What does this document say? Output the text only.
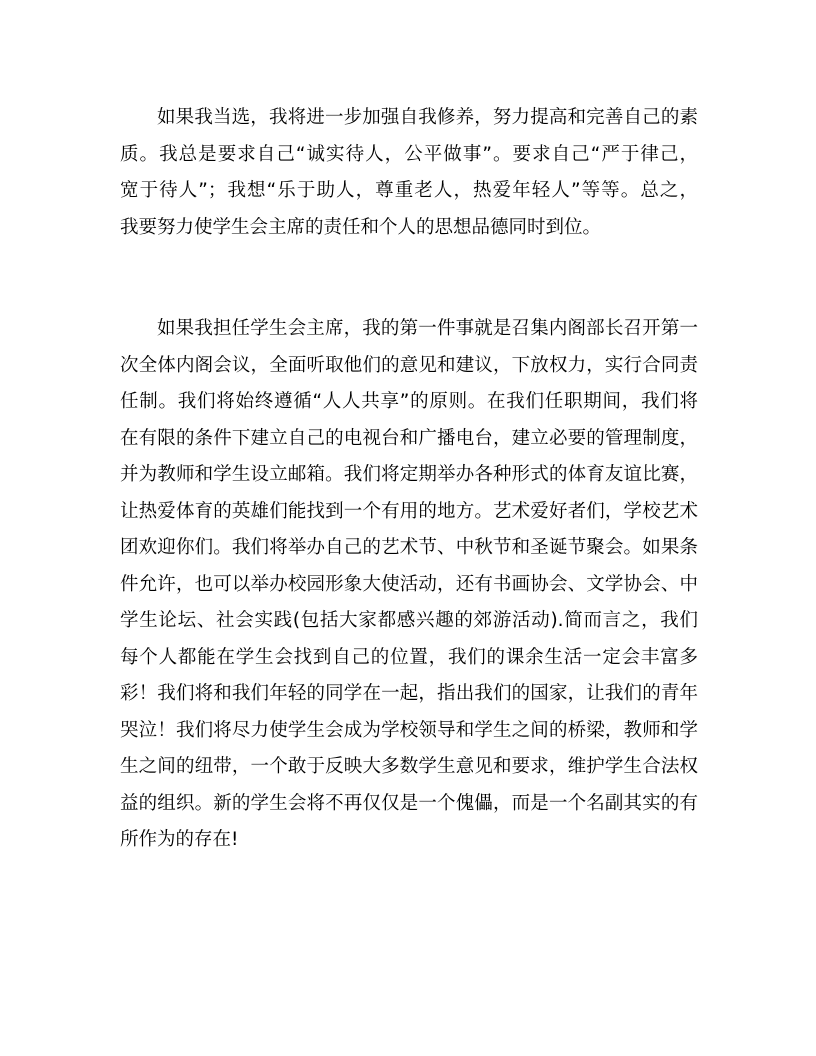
如果我当选，我将进一步加强自我修养，努力提高和完善自己的素
质。我总是要求自己“诚实待人，公平做事”。要求自己“严于律己，
宽于待人”；我想“乐于助人，尊重老人，热爱年轻人”等等。总之，
我要努力使学生会主席的责任和个人的思想品德同时到位。
如果我担任学生会主席，我的第一件事就是召集内阁部长召开第一
次全体内阁会议，全面听取他们的意见和建议，下放权力，实行合同责
任制。我们将始终遵循“人人共享”的原则。在我们任职期间，我们将
在有限的条件下建立自己的电视台和广播电台，建立必要的管理制度，
并为教师和学生设立邮箱。我们将定期举办各种形式的体育友谊比赛，
让热爱体育的英雄们能找到一个有用的地方。艺术爱好者们，学校艺术
团欢迎你们。我们将举办自己的艺术节、中秋节和圣诞节聚会。如果条
件允许，也可以举办校园形象大使活动，还有书画协会、文学协会、中
学生论坛、社会实践(包括大家都感兴趣的郊游活动).简而言之，我们
每个人都能在学生会找到自己的位置，我们的课余生活一定会丰富多
彩！我们将和我们年轻的同学在一起，指出我们的国家，让我们的青年
哭泣！我们将尽力使学生会成为学校领导和学生之间的桥梁，教师和学
生之间的纽带，一个敢于反映大多数学生意见和要求，维护学生合法权
益的组织。新的学生会将不再仅仅是一个傀儡，而是一个名副其实的有
所作为的存在!
